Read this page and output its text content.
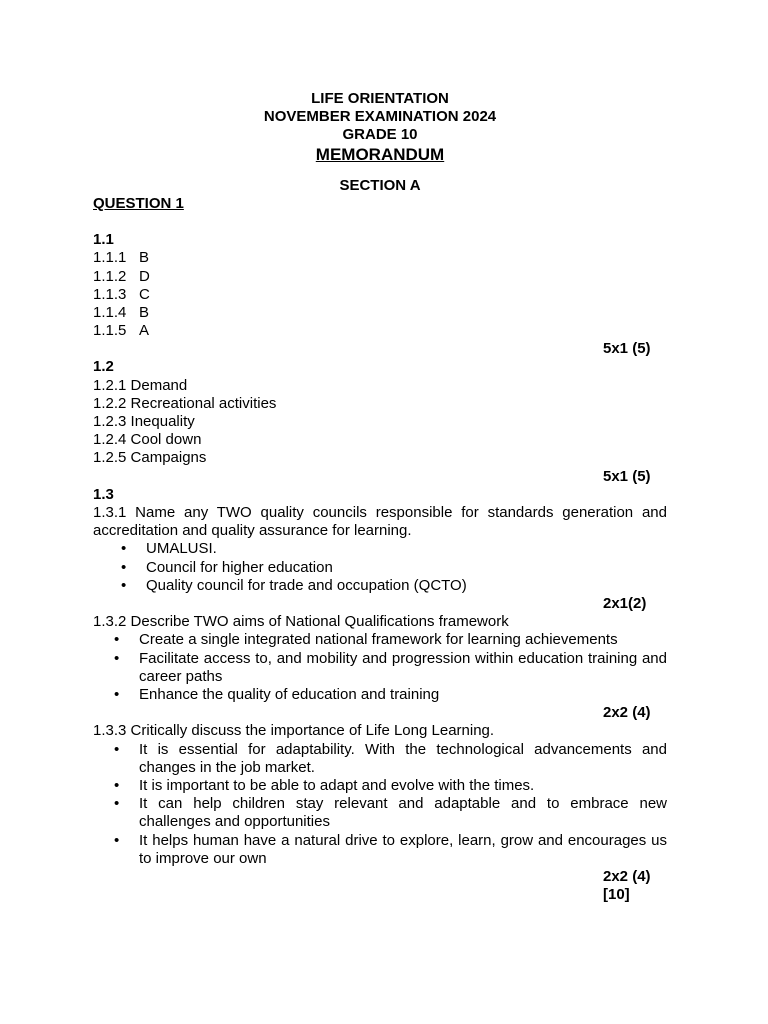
LIFE ORIENTATION
NOVEMBER EXAMINATION 2024
GRADE 10
MEMORANDUM
SECTION A
QUESTION 1
1.1
1.1.1 B
1.1.2 D
1.1.3 C
1.1.4 B
1.1.5 A
5x1 (5)
1.2
1.2.1 Demand
1.2.2 Recreational activities
1.2.3 Inequality
1.2.4 Cool down
1.2.5 Campaigns
5x1 (5)
1.3
1.3.1 Name any TWO quality councils responsible for standards generation and accreditation and quality assurance for learning.
• UMALUSI.
• Council for higher education
• Quality council for trade and occupation (QCTO)
2x1(2)
1.3.2 Describe TWO aims of National Qualifications framework
• Create a single integrated national framework for learning achievements
• Facilitate access to, and mobility and progression within education training and career paths
• Enhance the quality of education and training
2x2 (4)
1.3.3 Critically discuss the importance of Life Long Learning.
• It is essential for adaptability. With the technological advancements and changes in the job market.
• It is important to be able to adapt and evolve with the times.
• It can help children stay relevant and adaptable and to embrace new challenges and opportunities
• It helps human have a natural drive to explore, learn, grow and encourages us to improve our own
2x2 (4)
[10]
